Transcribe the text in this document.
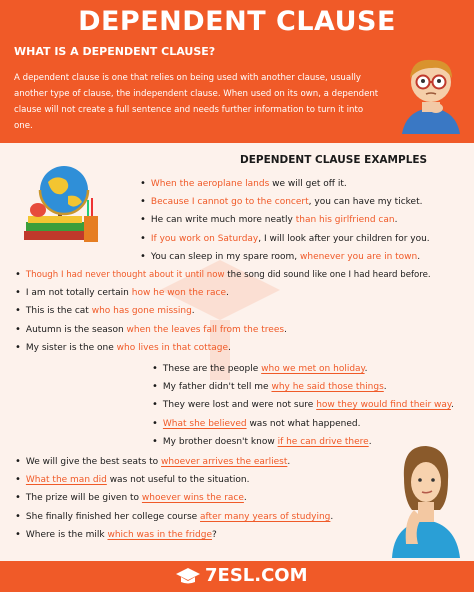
DEPENDENT CLAUSE
WHAT IS A DEPENDENT CLAUSE?
A dependent clause is one that relies on being used with another clause, usually another type of clause, the independent clause. When used on its own, a dependent clause will not create a full sentence and needs further information to turn it into one.
DEPENDENT CLAUSE EXAMPLES
• When the aeroplane lands we will get off it.
• Because I cannot go to the concert, you can have my ticket.
• He can write much more neatly than his girlfriend can.
• If you work on Saturday, I will look after your children for you.
• You can sleep in my spare room, whenever you are in town.
• Though I had never thought about it until now the song did sound like one I had heard before.
• I am not totally certain how he won the race.
• This is the cat who has gone missing.
• Autumn is the season when the leaves fall from the trees.
• My sister is the one who lives in that cottage.
• These are the people who we met on holiday.
• My father didn't tell me why he said those things.
• They were lost and were not sure how they would find their way.
• What she believed was not what happened.
• My brother doesn't know if he can drive there.
• We will give the best seats to whoever arrives the earliest.
• What the man did was not useful to the situation.
• The prize will be given to whoever wins the race.
• She finally finished her college course after many years of studying.
• Where is the milk which was in the fridge?
7ESL.COM
